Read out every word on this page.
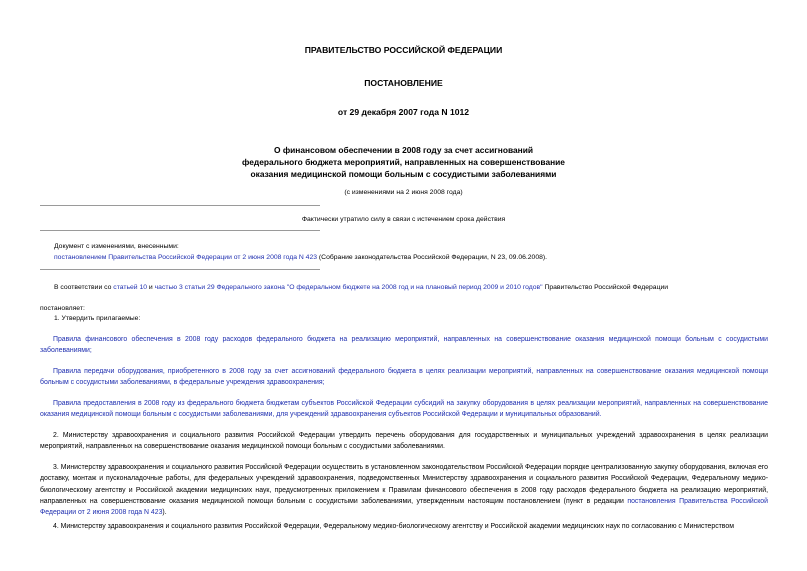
ПРАВИТЕЛЬСТВО РОССИЙСКОЙ ФЕДЕРАЦИИ
ПОСТАНОВЛЕНИЕ
от 29 декабря 2007 года N 1012
О финансовом обеспечении в 2008 году за счет ассигнований
федерального бюджета мероприятий, направленных на совершенствование
оказания медицинской помощи больным с сосудистыми заболеваниями
(с изменениями на 2 июня 2008 года)
Фактически утратило силу в связи с истечением срока действия
Документ с изменениями, внесенными:
постановлением Правительства Российской Федерации от 2 июня 2008 года N 423 (Собрание законодательства Российской Федерации, N 23, 09.06.2008).
В соответствии со статьей 10 и частью 3 статьи 29 Федерального закона "О федеральном бюджете на 2008 год и на плановый период 2009 и 2010 годов" Правительство Российской Федерации
постановляет:
1. Утвердить прилагаемые:
Правила финансового обеспечения в 2008 году расходов федерального бюджета на реализацию мероприятий, направленных на совершенствование оказания медицинской помощи больным с сосудистыми заболеваниями;
Правила передачи оборудования, приобретенного в 2008 году за счет ассигнований федерального бюджета в целях реализации мероприятий, направленных на совершенствование оказания медицинской помощи больным с сосудистыми заболеваниями, в федеральные учреждения здравоохранения;
Правила предоставления в 2008 году из федерального бюджета бюджетам субъектов Российской Федерации субсидий на закупку оборудования в целях реализации мероприятий, направленных на совершенствование оказания медицинской помощи больным с сосудистыми заболеваниями, для учреждений здравоохранения субъектов Российской Федерации и муниципальных образований.
2. Министерству здравоохранения и социального развития Российской Федерации утвердить перечень оборудования для государственных и муниципальных учреждений здравоохранения в целях реализации мероприятий, направленных на совершенствование оказания медицинской помощи больным с сосудистыми заболеваниями.
3. Министерству здравоохранения и социального развития Российской Федерации осуществить в установленном законодательством Российской Федерации порядке централизованную закупку оборудования, включая его доставку, монтаж и пусконаладочные работы, для федеральных учреждений здравоохранения, подведомственных Министерству здравоохранения и социального развития Российской Федерации, Федеральному медико-биологическому агентству и Российской академии медицинских наук, предусмотренных приложением к Правилам финансового обеспечения в 2008 году расходов федерального бюджета на реализацию мероприятий, направленных на совершенствование оказания медицинской помощи больным с сосудистыми заболеваниями, утвержденным настоящим постановлением (пункт в редакции постановления Правительства Российской Федерации от 2 июня 2008 года N 423).
4. Министерству здравоохранения и социального развития Российской Федерации, Федеральному медико-биологическому агентству и Российской академии медицинских наук по согласованию с Министерством
